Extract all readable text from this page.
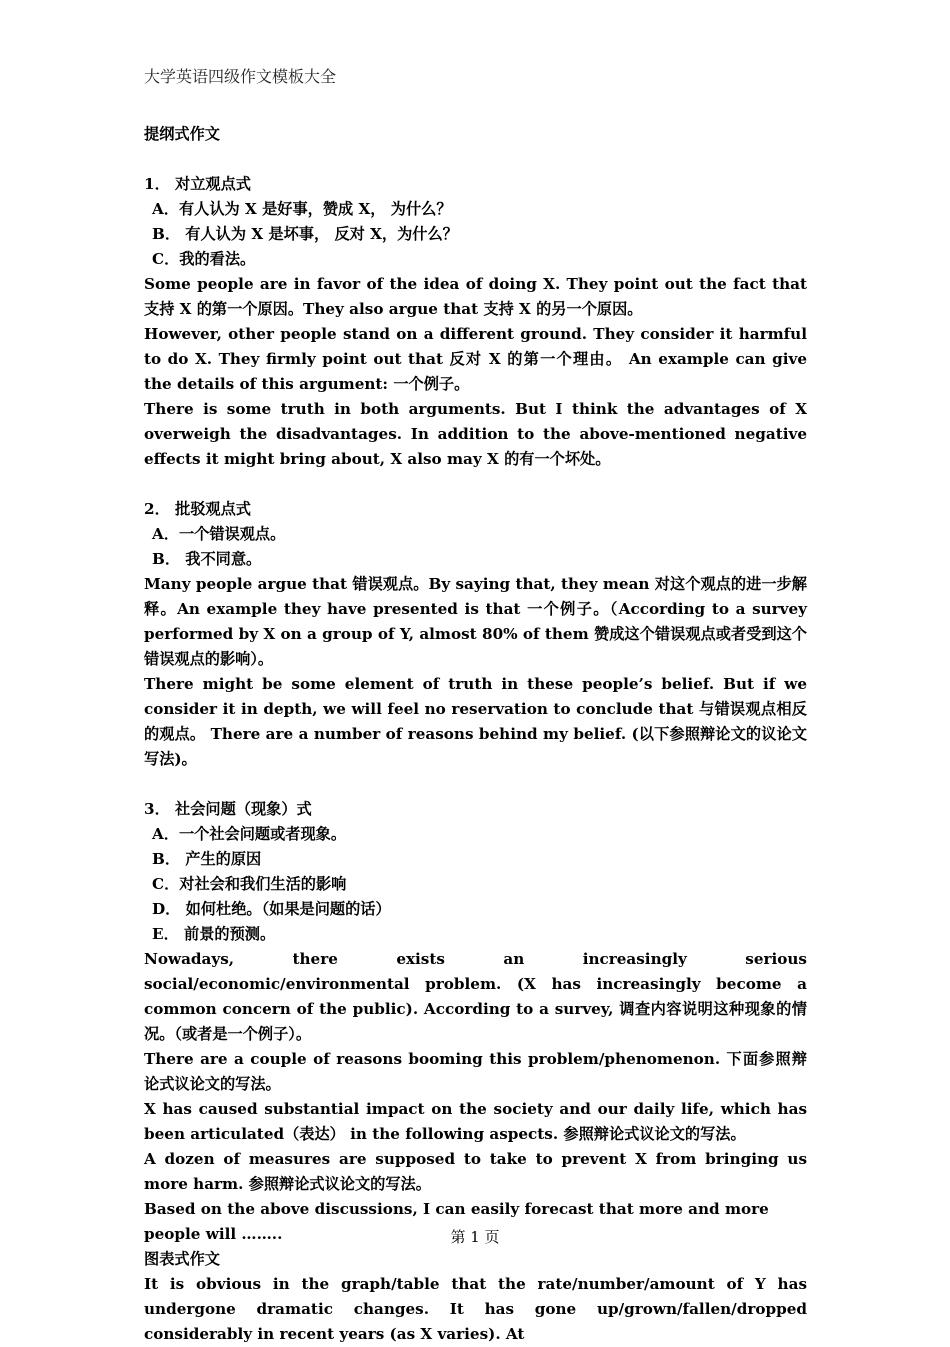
大学英语四级作文模板大全

提纲式作文

1． 对立观点式

A．有人认为 X 是好事，赞成 X， 为什么？

B． 有人认为 X 是坏事， 反对 X，为什么？

C．我的看法。

Some people are in favor of the idea of doing X. They point out the fact that 支持 X 的第一个原因。They also argue that 支持 X 的另一个原因。

However, other people stand on a different ground. They consider it harmful to do X. They firmly point out that 反对 X 的第一个理由。 An example can give the details of this argument: 一个例子。

There is some truth in both arguments. But I think the advantages of X overweigh the disadvantages. In addition to the above-mentioned negative effects it might bring about, X also may X 的有一个坏处。

2． 批驳观点式

A．一个错误观点。

B． 我不同意。

Many people argue that 错误观点。By saying that, they mean 对这个观点的进一步解释。An example they have presented is that 一个例子。（According to a survey performed by X on a group of Y, almost 80% of them 赞成这个错误观点或者受到这个错误观点的影响）。

There might be some element of truth in these people’s belief. But if we consider it in depth, we will feel no reservation to conclude that 与错误观点相反的观点。 There are a number of reasons behind my belief. (以下参照辩论文的议论文写法)。

3． 社会问题（现象）式

A．一个社会问题或者现象。

B． 产生的原因

C．对社会和我们生活的影响

D． 如何杜绝。（如果是问题的话）

E． 前景的预测。

Nowadays, there exists an increasingly serious social/economic/environmental problem. (X has increasingly become a common concern of the public). According to a survey, 调查内容说明这种现象的情况。（或者是一个例子）。

There are a couple of reasons booming this problem/phenomenon. 下面参照辩论式议论文的写法。

X has caused substantial impact on the society and our daily life, which has been articulated（表达） in the following aspects. 参照辩论式议论文的写法。

A dozen of measures are supposed to take to prevent X from bringing us more harm. 参照辩论式议论文的写法。

Based on the above discussions, I can easily forecast that more and more people will ……..

图表式作文

It is obvious in the graph/table that the rate/number/amount of Y has undergone dramatic changes. It has gone up/grown/fallen/dropped considerably in recent years (as X varies). At

第 1 页
